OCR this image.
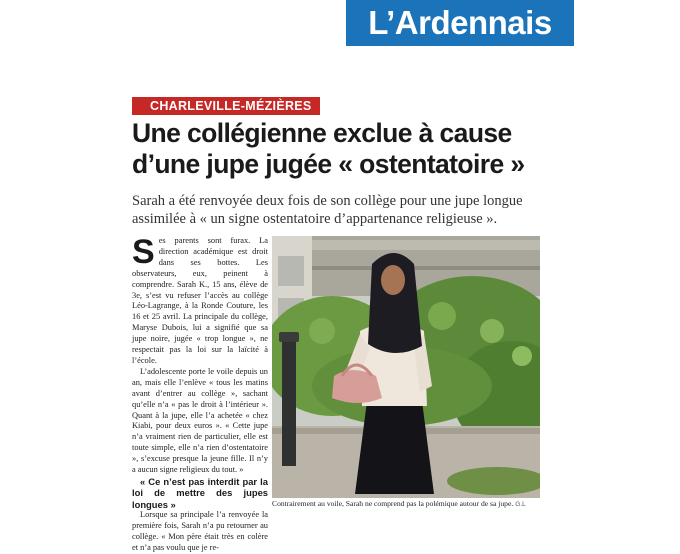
L’Ardennais
CHARLEVILLE-MÉZIÈRES
Une collégienne exclue à cause
d’une jupe jugée « ostentatoire »
Sarah a été renvoyée deux fois de son collège pour une jupe longue
assimilée à « un signe ostentatoire d’appartenance religieuse ».

Ses parents sont furax. La direction académique est droit dans ses bottes. Les observateurs, eux, peinent à comprendre. Sarah K., 15 ans, élève de 3e, s’est vu refuser l’accès au collège Léo-Lagrange, à la Ronde Couture, les 16 et 25 avril. La principale du collège, Maryse Dubois, lui a signifié que sa jupe noire, jugée « trop longue », ne respectait pas la loi sur la laïcité à l’école.

L’adolescente porte le voile depuis un an, mais elle l’enlève « tous les matins avant d’entrer au collège », sachant qu’elle n’a « pas le droit à l’intérieur ». Quant à la jupe, elle l’a achetée « chez Kiabi, pour deux euros ». « Cette jupe n’a vraiment rien de particulier, elle est toute simple, elle n’a rien d’ostentatoire », s’excuse presque la jeune fille. Il n’y a aucun signe religieux du tout. »

« Ce n’est pas interdit par la loi de mettre des jupes longues »

Lorsque sa principale l’a renvoyée la première fois, Sarah n’a pu retourner au collège. « Mon père était très en colère et n’a pas voulu que je re-

Contrairement au voile, Sarah ne comprend pas la polémique autour de sa jupe. G.L
